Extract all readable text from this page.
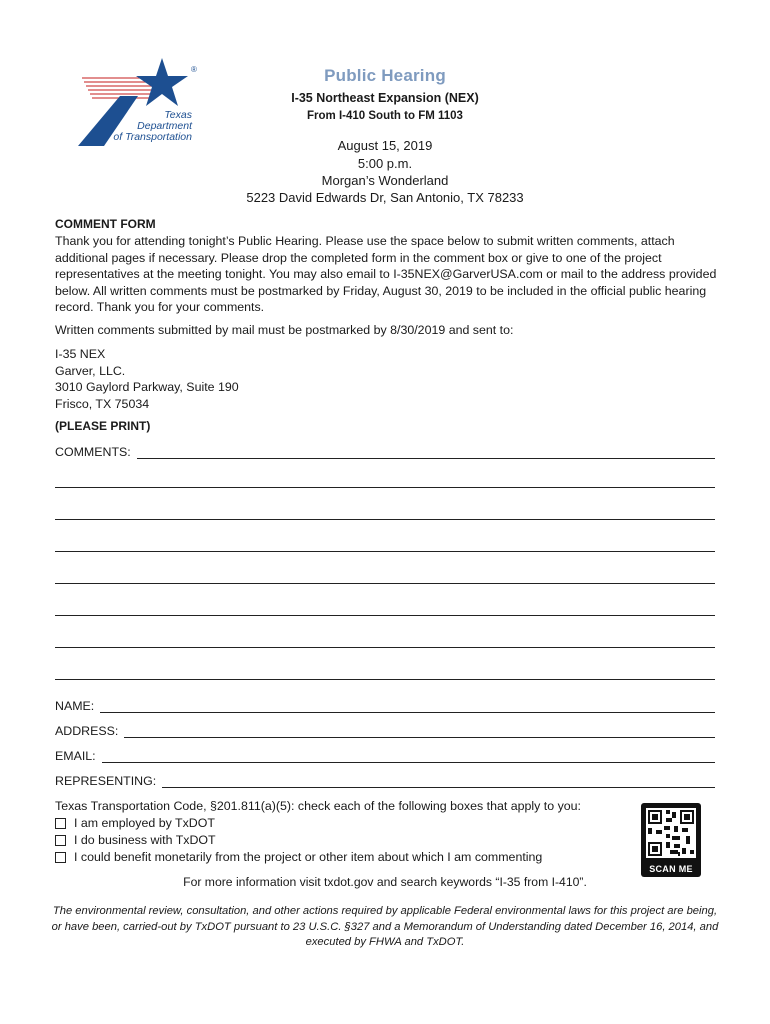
®
Texas
Department
of Transportation
Public Hearing
I-35 Northeast Expansion (NEX)
From I-410 South to FM 1103
August 15, 2019
5:00 p.m.
Morgan’s Wonderland
5223 David Edwards Dr, San Antonio, TX 78233
COMMENT FORM
Thank you for attending tonight’s Public Hearing. Please use the space below to submit written comments, attach additional pages if necessary. Please drop the completed form in the comment box or give to one of the project representatives at the meeting tonight. You may also email to I-35NEX@GarverUSA.com or mail to the address provided below. All written comments must be postmarked by Friday, August 30, 2019 to be included in the official public hearing record. Thank you for your comments.
Written comments submitted by mail must be postmarked by 8/30/2019 and sent to:
I-35 NEX
Garver, LLC.
3010 Gaylord Parkway, Suite 190
Frisco, TX 75034
(PLEASE PRINT)
COMMENTS:
NAME:
ADDRESS:
EMAIL:
REPRESENTING:
Texas Transportation Code, §201.811(a)(5): check each of the following boxes that apply to you:
I am employed by TxDOT
I do business with TxDOT
I could benefit monetarily from the project or other item about which I am commenting
SCAN ME
For more information visit txdot.gov and search keywords “I-35 from I-410”.
The environmental review, consultation, and other actions required by applicable Federal environmental laws for this project are being, or have been, carried-out by TxDOT pursuant to 23 U.S.C. §327 and a Memorandum of Understanding dated December 16, 2014, and executed by FHWA and TxDOT.
